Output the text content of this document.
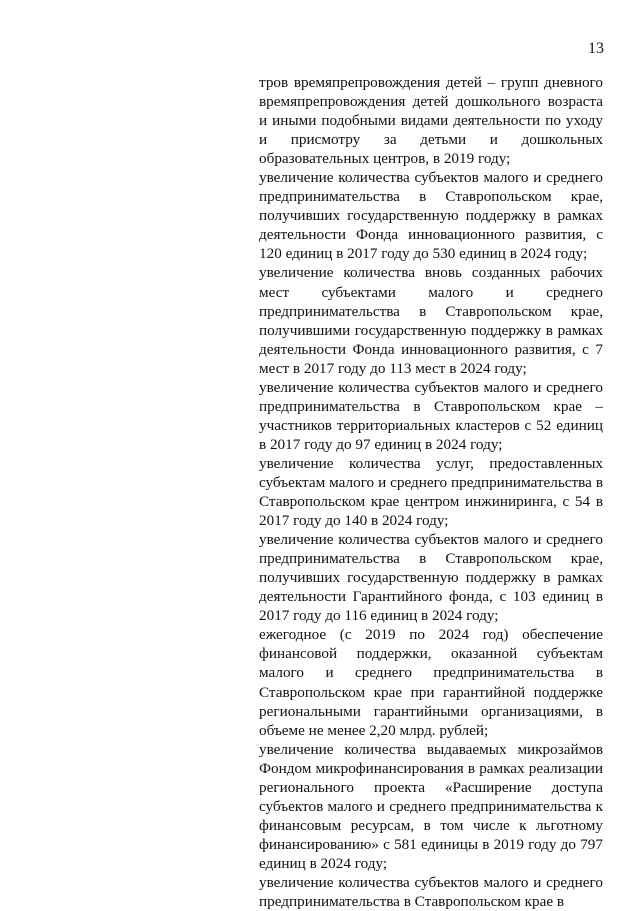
13

тров времяпрепровождения детей – групп дневного времяпрепровождения детей дошкольного возраста и иными подобными видами деятельности по уходу и присмотру за детьми и дошкольных образовательных центров, в 2019 году;

увеличение количества субъектов малого и среднего предпринимательства в Ставропольском крае, получивших государственную поддержку в рамках деятельности Фонда инновационного развития, с 120 единиц в 2017 году до 530 единиц в 2024 году;

увеличение количества вновь созданных рабочих мест субъектами малого и среднего предпринимательства в Ставропольском крае, получившими государственную поддержку в рамках деятельности Фонда инновационного развития, с 7 мест в 2017 году до 113 мест в 2024 году;

увеличение количества субъектов малого и среднего предпринимательства в Ставропольском крае – участников территориальных кластеров с 52 единиц в 2017 году до 97 единиц в 2024 году;

увеличение количества услуг, предоставленных субъектам малого и среднего предпринимательства в Ставропольском крае центром инжиниринга, с 54 в 2017 году до 140 в 2024 году;

увеличение количества субъектов малого и среднего предпринимательства в Ставропольском крае, получивших государственную поддержку в рамках деятельности Гарантийного фонда, с 103 единиц в 2017 году до 116 единиц в 2024 году;

ежегодное (с 2019 по 2024 год) обеспечение финансовой поддержки, оказанной субъектам малого и среднего предпринимательства в Ставропольском крае при гарантийной поддержке региональными гарантийными организациями, в объеме не менее 2,20 млрд. рублей;

увеличение количества выдаваемых микрозаймов Фондом микрофинансирования в рамках реализации регионального проекта «Расширение доступа субъектов малого и среднего предпринимательства к финансовым ресурсам, в том числе к льготному финансированию» с 581 единицы в 2019 году до 797 единиц в 2024 году;

увеличение количества субъектов малого и среднего предпринимательства в Ставропольском крае в
